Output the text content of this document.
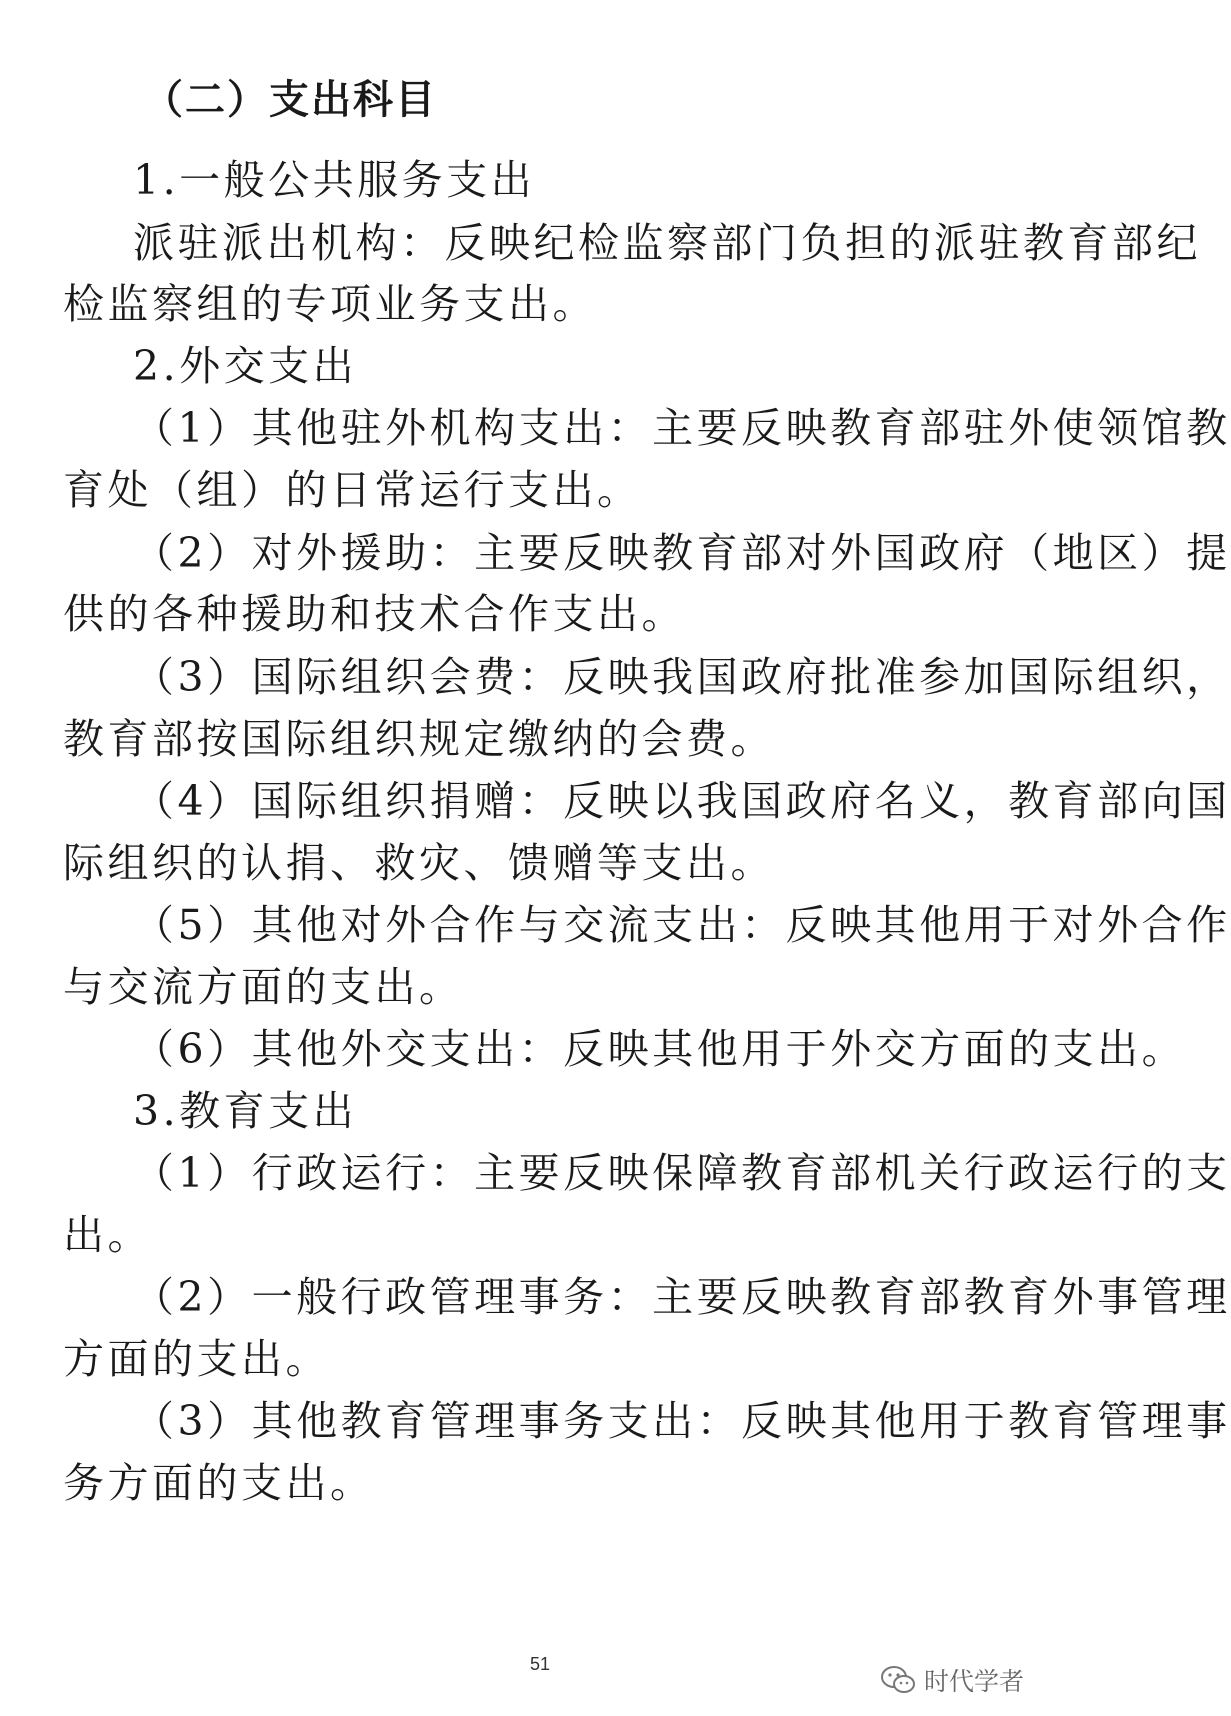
（二）支出科目
1.一般公共服务支出
派驻派出机构：反映纪检监察部门负担的派驻教育部纪
检监察组的专项业务支出。
2.外交支出
（1）其他驻外机构支出：主要反映教育部驻外使领馆教
育处（组）的日常运行支出。
（2）对外援助：主要反映教育部对外国政府（地区）提
供的各种援助和技术合作支出。
（3）国际组织会费：反映我国政府批准参加国际组织，
教育部按国际组织规定缴纳的会费。
（4）国际组织捐赠：反映以我国政府名义，教育部向国
际组织的认捐、救灾、馈赠等支出。
（5）其他对外合作与交流支出：反映其他用于对外合作
与交流方面的支出。
（6）其他外交支出：反映其他用于外交方面的支出。
3.教育支出
（1）行政运行：主要反映保障教育部机关行政运行的支
出。
（2）一般行政管理事务：主要反映教育部教育外事管理
方面的支出。
（3）其他教育管理事务支出：反映其他用于教育管理事
务方面的支出。
51
时代学者
